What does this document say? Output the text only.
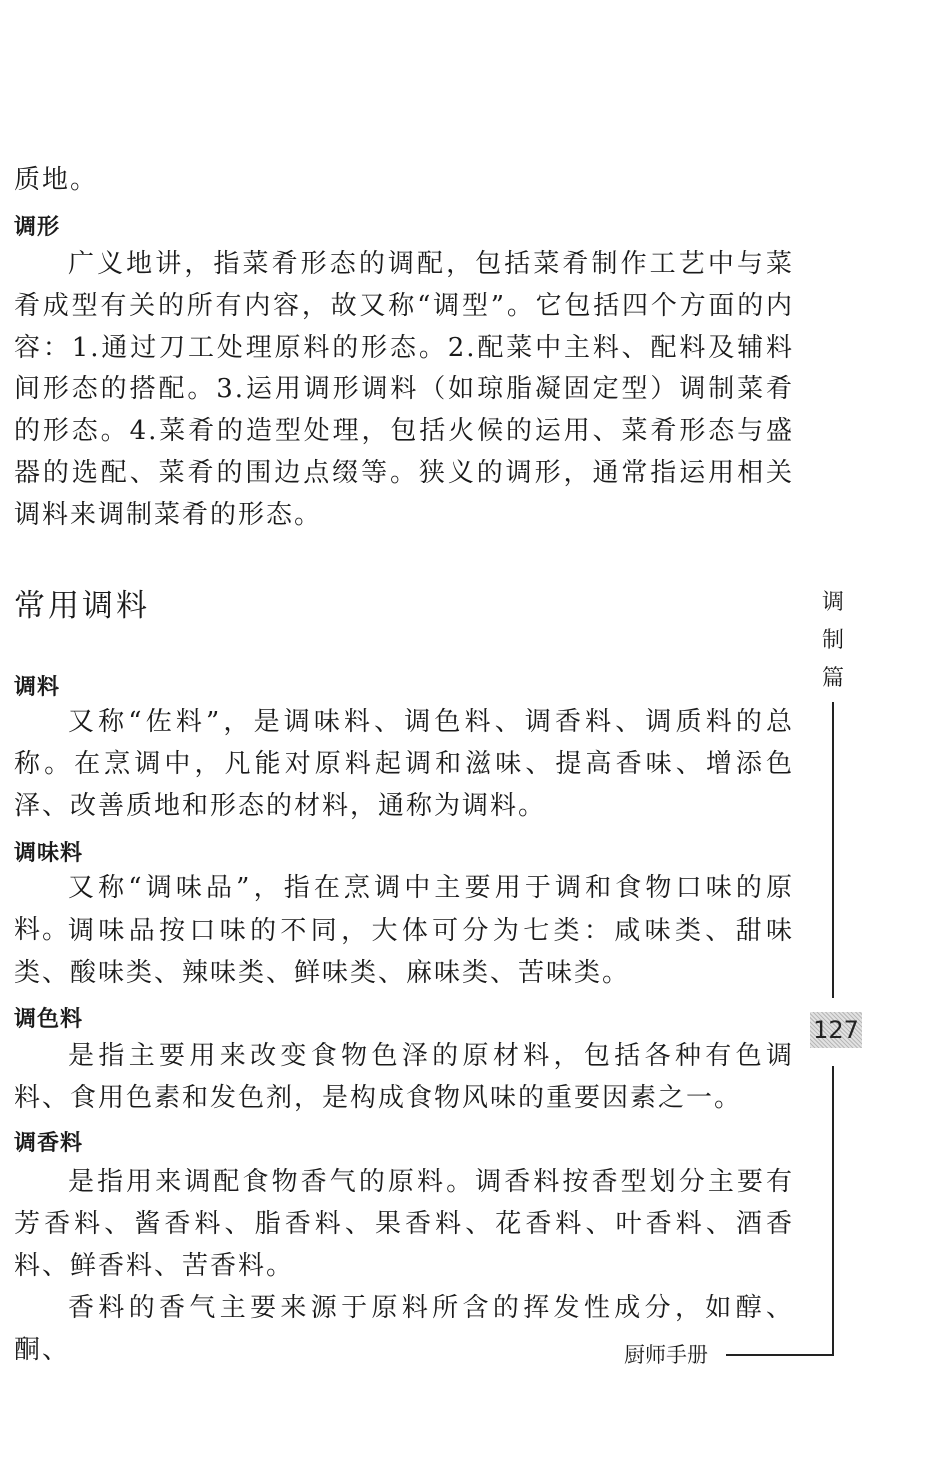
质地。

调形

广义地讲，指菜肴形态的调配，包括菜肴制作工艺中与菜肴成型有关的所有内容，故又称“调型”。它包括四个方面的内容：1.通过刀工处理原料的形态。2.配菜中主料、配料及辅料间形态的搭配。3.运用调形调料（如琼脂凝固定型）调制菜肴的形态。4.菜肴的造型处理，包括火候的运用、菜肴形态与盛器的选配、菜肴的围边点缀等。狭义的调形，通常指运用相关调料来调制菜肴的形态。

常用调料
调料

又称“佐料”，是调味料、调色料、调香料、调质料的总称。在烹调中，凡能对原料起调和滋味、提高香味、增添色泽、改善质地和形态的材料，通称为调料。

调味料

又称“调味品”，指在烹调中主要用于调和食物口味的原料。

调味品按口味的不同，大体可分为七类：咸味类、甜味类、酸味类、辣味类、鲜味类、麻味类、苦味类。

调色料

是指主要用来改变食物色泽的原材料，包括各种有色调料、食用色素和发色剂，是构成食物风味的重要因素之一。

调香料

是指用来调配食物香气的原料。调香料按香型划分主要有芳香料、酱香料、脂香料、果香料、花香料、叶香料、酒香料、鲜香料、苦香料。

香料的香气主要来源于原料所含的挥发性成分，如醇、酮、

调制篇
127
厨师手册
